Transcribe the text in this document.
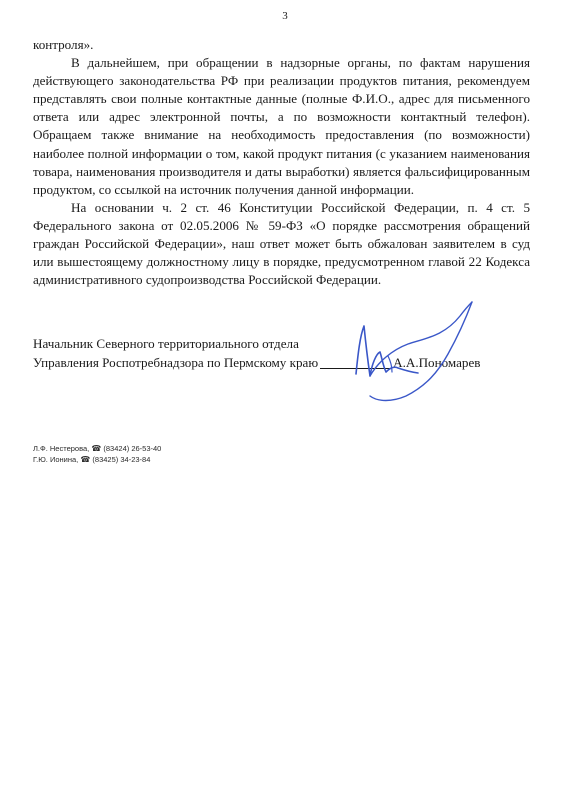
3

контроля».

В дальнейшем, при обращении в надзорные органы, по фактам нарушения действующего законодательства РФ при реализации продуктов питания, рекомендуем представлять свои полные контактные данные (полные Ф.И.О., адрес для письменного ответа или адрес электронной почты, а по возможности контактный телефон). Обращаем также внимание на необходимость предоставления (по возможности) наиболее полной информации о том, какой продукт питания (с указанием наименования товара, наименования производителя и даты выработки) является фальсифицированным продуктом, со ссылкой на источник получения данной информации.

На основании ч. 2 ст. 46 Конституции Российской Федерации, п. 4 ст. 5 Федерального закона от 02.05.2006 № 59-ФЗ «О порядке рассмотрения обращений граждан Российской Федерации», наш ответ может быть обжалован заявителем в суд или вышестоящему должностному лицу в порядке, предусмотренном главой 22 Кодекса административного судопроизводства Российской Федерации.

Начальник Северного территориального отдела
Управления Роспотребнадзора по Пермскому краю	А.А.Пономарев
Л.Ф. Нестерова, ☎ (83424) 26-53-40
Г.Ю. Ионина, ☎ (83425) 34-23-84
